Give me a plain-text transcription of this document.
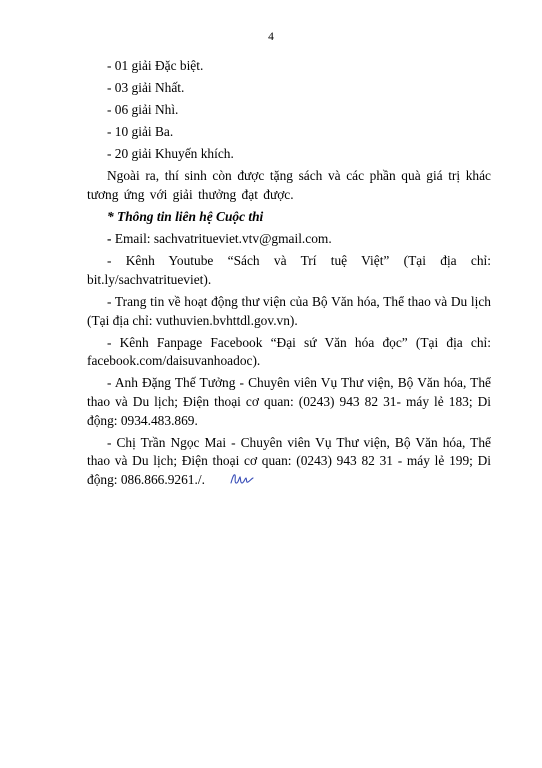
4

- 01 giải Đặc biệt.

- 03 giải Nhất.

- 06 giải Nhì.

- 10 giải Ba.

- 20 giải Khuyến khích.

Ngoài ra, thí sinh còn được tặng sách và các phần quà giá trị khác tương ứng với giải thưởng đạt được.

* Thông tin liên hệ Cuộc thi

- Email: sachvatritueviet.vtv@gmail.com.

- Kênh Youtube “Sách và Trí tuệ Việt” (Tại địa chỉ: bit.ly/sachvatritueviet).

- Trang tin về hoạt động thư viện của Bộ Văn hóa, Thể thao và Du lịch (Tại địa chỉ: vuthuvien.bvhttdl.gov.vn).

- Kênh Fanpage Facebook “Đại sứ Văn hóa đọc” (Tại địa chỉ: facebook.com/daisuvanhoadoc).

- Anh Đặng Thế Tưởng - Chuyên viên Vụ Thư viện, Bộ Văn hóa, Thể thao và Du lịch; Điện thoại cơ quan: (0243) 943 82 31- máy lẻ 183; Di động: 0934.483.869.

- Chị Trần Ngọc Mai - Chuyên viên Vụ Thư viện, Bộ Văn hóa, Thể thao và Du lịch; Điện thoại cơ quan: (0243) 943 82 31 - máy lẻ 199; Di động: 086.866.9261./.
